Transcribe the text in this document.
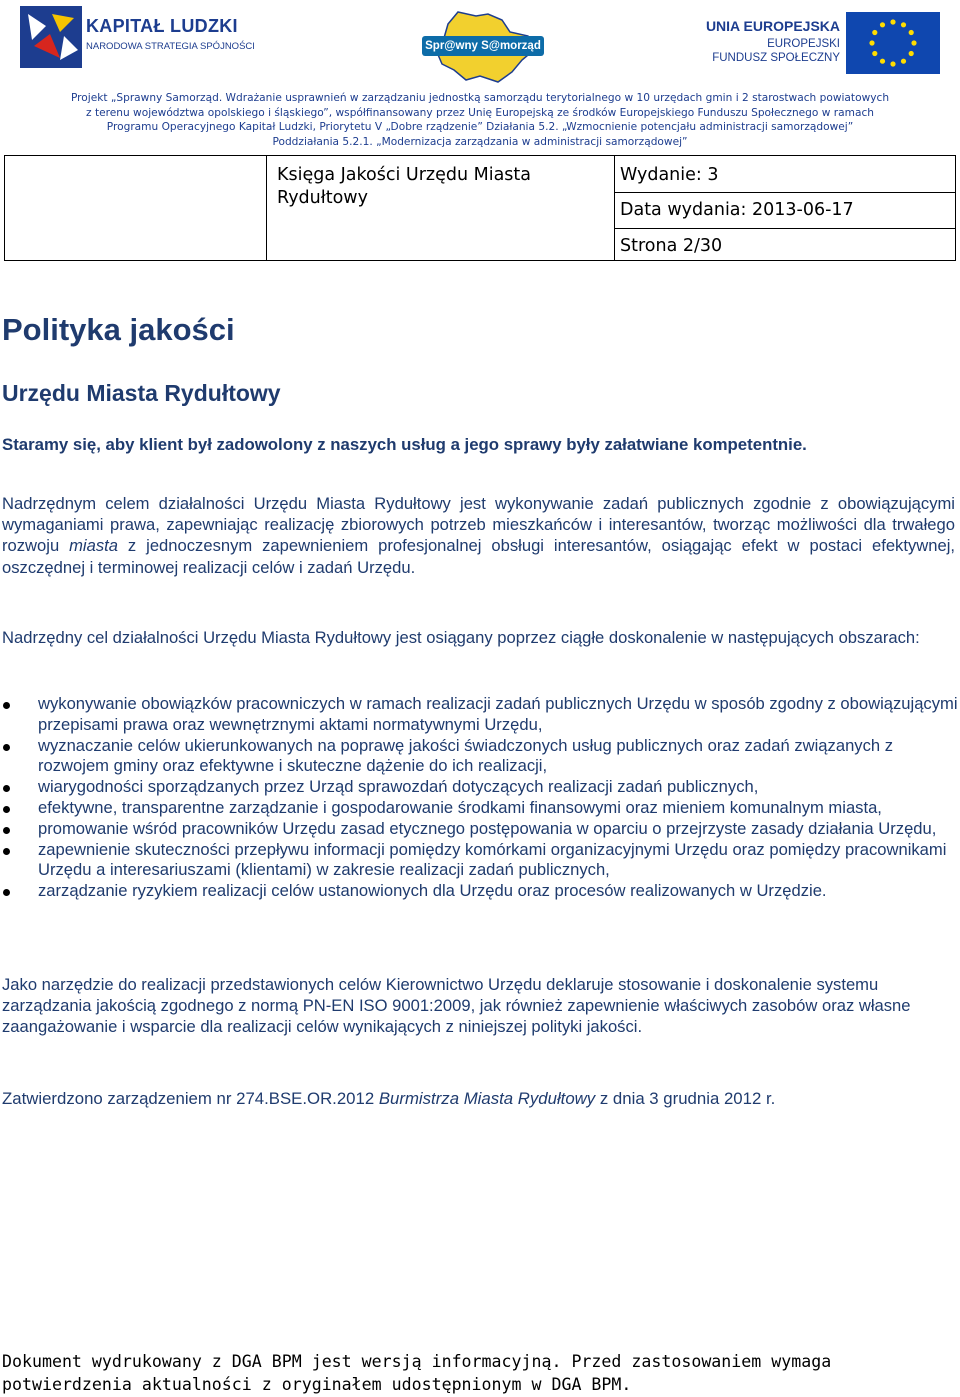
KAPITAŁ LUDZKI
NARODOWA STRATEGIA SPÓJNOŚCI	Spr@wny S@morząd
UNIA EUROPEJSKA
EUROPEJSKI
FUNDUSZ SPOŁECZNY
Projekt „Sprawny Samorząd. Wdrażanie usprawnień w zarządzaniu jednostką samorządu terytorialnego w 10 urzędach gmin i 2 starostwach powiatowych
z terenu województwa opolskiego i śląskiego”, współfinansowany przez Unię Europejską ze środków Europejskiego Funduszu Społecznego w ramach
Programu Operacyjnego Kapitał Ludzki, Priorytetu V „Dobre rządzenie” Działania 5.2. „Wzmocnienie potencjału administracji samorządowej”
Poddziałania 5.2.1. „Modernizacja zarządzania w administracji samorządowej”
Księga Jakości Urzędu Miasta Rydułtowy
Wydanie: 3
Data wydania: 2013-06-17
Strona 2/30
Polityka jakości
Urzędu Miasta Rydułtowy
Staramy się, aby klient był zadowolony z naszych usług a jego sprawy były załatwiane kompetentnie.
Nadrzędnym celem działalności Urzędu Miasta Rydułtowy jest wykonywanie zadań publicznych zgodnie z obowiązującymi wymaganiami prawa, zapewniając realizację zbiorowych potrzeb mieszkańców i interesantów, tworząc możliwości dla trwałego rozwoju miasta z jednoczesnym zapewnieniem profesjonalnej obsługi interesantów, osiągając efekt w postaci efektywnej, oszczędnej i terminowej realizacji celów i zadań Urzędu.
Nadrzędny cel działalności Urzędu Miasta Rydułtowy jest osiągany poprzez ciągłe doskonalenie w następujących obszarach:
wykonywanie obowiązków pracowniczych w ramach realizacji zadań publicznych Urzędu w sposób zgodny z obowiązującymi przepisami prawa oraz wewnętrznymi aktami normatywnymi Urzędu,
wyznaczanie celów ukierunkowanych na poprawę jakości świadczonych usług publicznych oraz zadań związanych z rozwojem gminy oraz efektywne i skuteczne dążenie do ich realizacji,
wiarygodności sporządzanych przez Urząd sprawozdań dotyczących realizacji zadań publicznych,
efektywne, transparentne zarządzanie i gospodarowanie środkami finansowymi oraz mieniem komunalnym miasta,
promowanie wśród pracowników Urzędu zasad etycznego postępowania w oparciu o przejrzyste zasady działania Urzędu,
zapewnienie skuteczności przepływu informacji pomiędzy komórkami organizacyjnymi Urzędu oraz pomiędzy pracownikami Urzędu a interesariuszami (klientami) w zakresie realizacji zadań publicznych,
zarządzanie ryzykiem realizacji celów ustanowionych dla Urzędu oraz procesów realizowanych w Urzędzie.
Jako narzędzie do realizacji przedstawionych celów Kierownictwo Urzędu deklaruje stosowanie i doskonalenie systemu zarządzania jakością zgodnego z normą PN-EN ISO 9001:2009, jak również zapewnienie właściwych zasobów oraz własne zaangażowanie i wsparcie dla realizacji celów wynikających z niniejszej polityki jakości.
Zatwierdzono zarządzeniem nr 274.BSE.OR.2012 Burmistrza Miasta Rydułtowy z dnia 3 grudnia 2012 r.
Dokument wydrukowany z DGA BPM jest wersją informacyjną. Przed zastosowaniem wymaga
potwierdzenia aktualności z oryginałem udostępnionym w DGA BPM.
